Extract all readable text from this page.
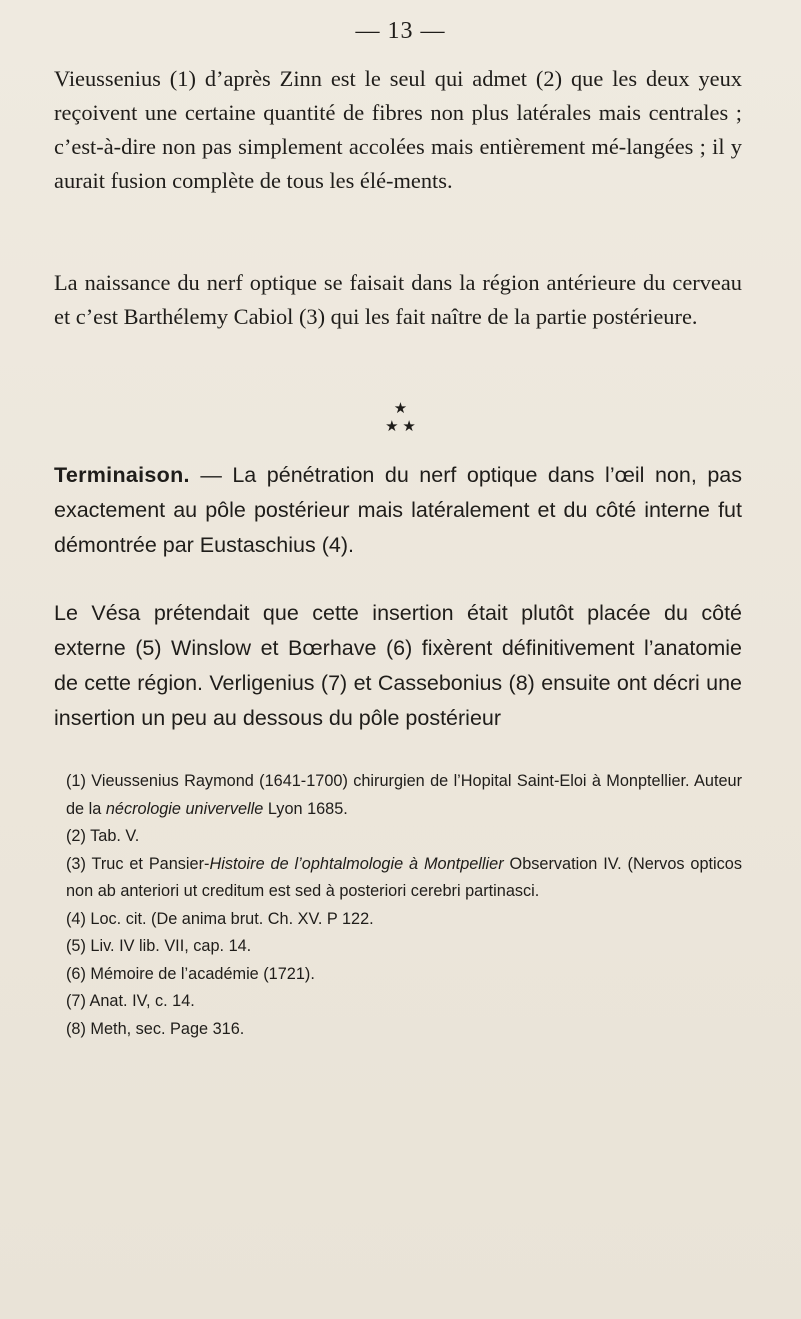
— 13 —

Vieussenius (1) d’après Zinn est le seul qui admet (2) que les deux yeux reçoivent une certaine quantité de fibres non plus latérales mais centrales ; c’est-à-dire non pas simplement accolées mais entièrement mé-langées ; il y aurait fusion complète de tous les élé-ments.

La naissance du nerf optique se faisait dans la région antérieure du cerveau et c’est Barthélemy Cabiol (3) qui les fait naître de la partie postérieure.

★
★ ★

Terminaison. — La pénétration du nerf optique dans l’œil non, pas exactement au pôle postérieur mais latéralement et du côté interne fut démontrée par Eustaschius (4).

Le Vésa prétendait que cette insertion était plutôt placée du côté externe (5) Winslow et Bœrhave (6) fixèrent définitivement l’anatomie de cette région. Verligenius (7) et Cassebonius (8) ensuite ont décri une insertion un peu au dessous du pôle postérieur

(1) Vieussenius Raymond (1641-1700) chirurgien de l’Hopital Saint-Eloi à Monptellier. Auteur de la nécrologie univervelle Lyon 1685.

(2) Tab. V.

(3) Truc et Pansier-Histoire de l’ophtalmologie à Montpellier Observation IV. (Nervos opticos non ab anteriori ut creditum est sed à posteriori cerebri partinasci.

(4) Loc. cit. (De anima brut. Ch. XV. P 122.

(5) Liv. IV lib. VII, cap. 14.

(6) Mémoire de l’académie (1721).

(7) Anat. IV, c. 14.

(8) Meth, sec. Page 316.
